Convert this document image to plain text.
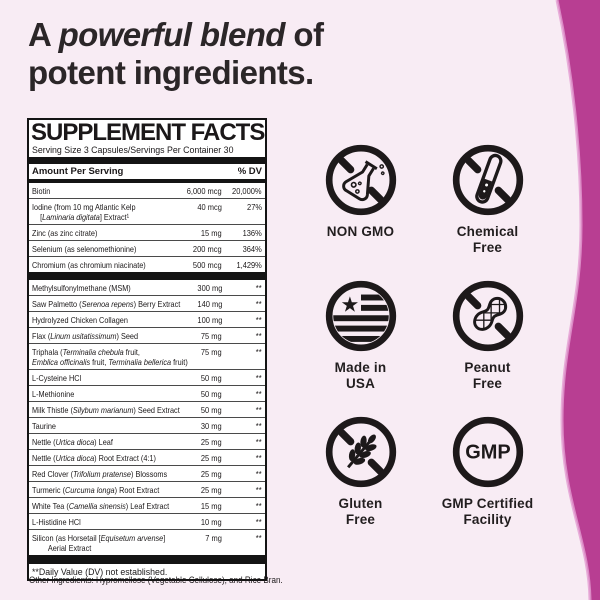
A powerful blend of
potent ingredients.
SUPPLEMENT FACTS
Serving Size 3 Capsules/Servings Per Container 30
Amount Per Serving	% DV
Biotin	6,000 mcg	20,000%
Iodine (from 10 mg Atlantic Kelp
[Laminaria digitata] Extract¹
40 mcg	27%
Zinc (as zinc citrate)	15 mg	136%
Selenium (as selenomethionine)	200 mcg	364%
Chromium (as chromium niacinate)	500 mcg	1,429%
Methylsulfonylmethane (MSM)	300 mg	**
Saw Palmetto (Serenoa repens) Berry Extract	140 mg	**
Hydrolyzed Chicken Collagen	100 mg	**
Flax (Linum usitatissimum) Seed	75 mg	**
Triphala (Terminalia chebula fruit,
Emblica officinalis fruit, Terminalia bellerica fruit)
75 mg	**
L-Cysteine HCl	50 mg	**
L-Methionine	50 mg	**
Milk Thistle (Silybum marianum) Seed Extract	50 mg	**
Taurine	30 mg	**
Nettle (Urtica dioca) Leaf	25 mg	**
Nettle (Urtica dioca) Root Extract (4:1)	25 mg	**
Red Clover (Trifolium pratense) Blossoms	25 mg	**
Turmeric (Curcuma longa) Root Extract	25 mg	**
White Tea (Camellia sinensis) Leaf Extract	15 mg	**
L-Histidine HCl	10 mg	**
Silicon (as Horsetail [Equisetum arvense]
Aerial Extract
7 mg	**
**Daily Value (DV) not established.
Other Ingredients: Hypromellose (Vegetable Cellulose), and Rice Bran.
NON GMO	Chemical
Free
Made in
USA
Peanut
Free
Gluten
Free
GMP
GMP Certified
Facility
